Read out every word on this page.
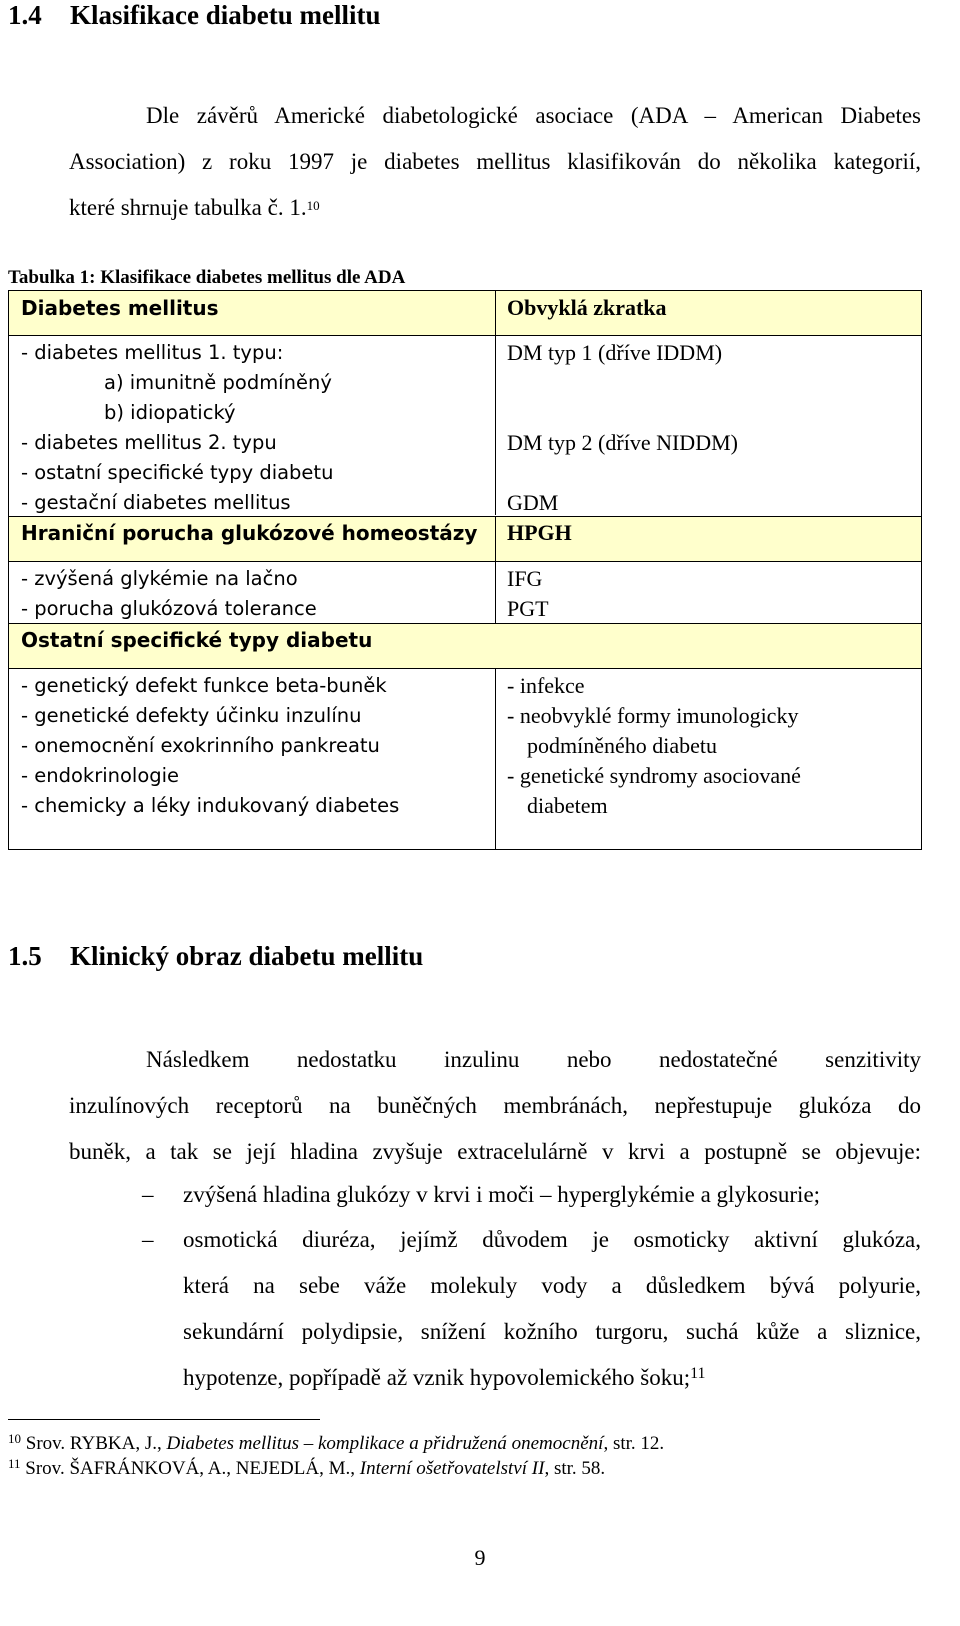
1.4 Klasifikace diabetu mellitu
Dle závěrů Americké diabetologické asociace (ADA – American Diabetes
Association) z roku 1997 je diabetes mellitus klasifikován do několika kategorií,
které shrnuje tabulka č. 1.10
Tabulka 1: Klasifikace diabetes mellitus dle ADA
Diabetes mellitus	Obvyklá zkratka
- diabetes mellitus 1. typu:
a) imunitně podmíněný
b) idiopatický
- diabetes mellitus 2. typu
- ostatní specifické typy diabetu
- gestační diabetes mellitus
DM typ 1 (dříve IDDM)
DM typ 2 (dříve NIDDM)
GDM
Hraniční porucha glukózové homeostázy HPGH
- zvýšená glykémie na lačno
- porucha glukózová tolerance
IFG
PGT
Ostatní specifické typy diabetu
- genetický defekt funkce beta-buněk
- genetické defekty účinku inzulínu
- onemocnění exokrinního pankreatu
- endokrinologie
- chemicky a léky indukovaný diabetes
- infekce
- neobvyklé formy imunologicky
podmíněného diabetu
- genetické syndromy asociované
diabetem
1.5 Klinický obraz diabetu mellitu
Následkem nedostatku inzulinu nebo nedostatečné senzitivity
inzulínových receptorů na buněčných membránách, nepřestupuje glukóza do
buněk, a tak se její hladina zvyšuje extracelulárně v krvi a postupně se objevuje:
– zvýšená hladina glukózy v krvi i moči – hyperglykémie a glykosurie;
– osmotická diuréza, jejímž důvodem je osmoticky aktivní glukóza,
která na sebe váže molekuly vody a důsledkem bývá polyurie,
sekundární polydipsie, snížení kožního turgoru, suchá kůže a sliznice,
hypotenze, popřípadě až vznik hypovolemického šoku;$^{11}$
$^{10}$ Srov. RYBKA, J., Diabetes mellitus – komplikace a přidružená onemocnění, str. 12.
$^{11}$ Srov. ŠAFRÁNKOVÁ, A., NEJEDLÁ, M., Interní ošetřovatelství II, str. 58.
9
